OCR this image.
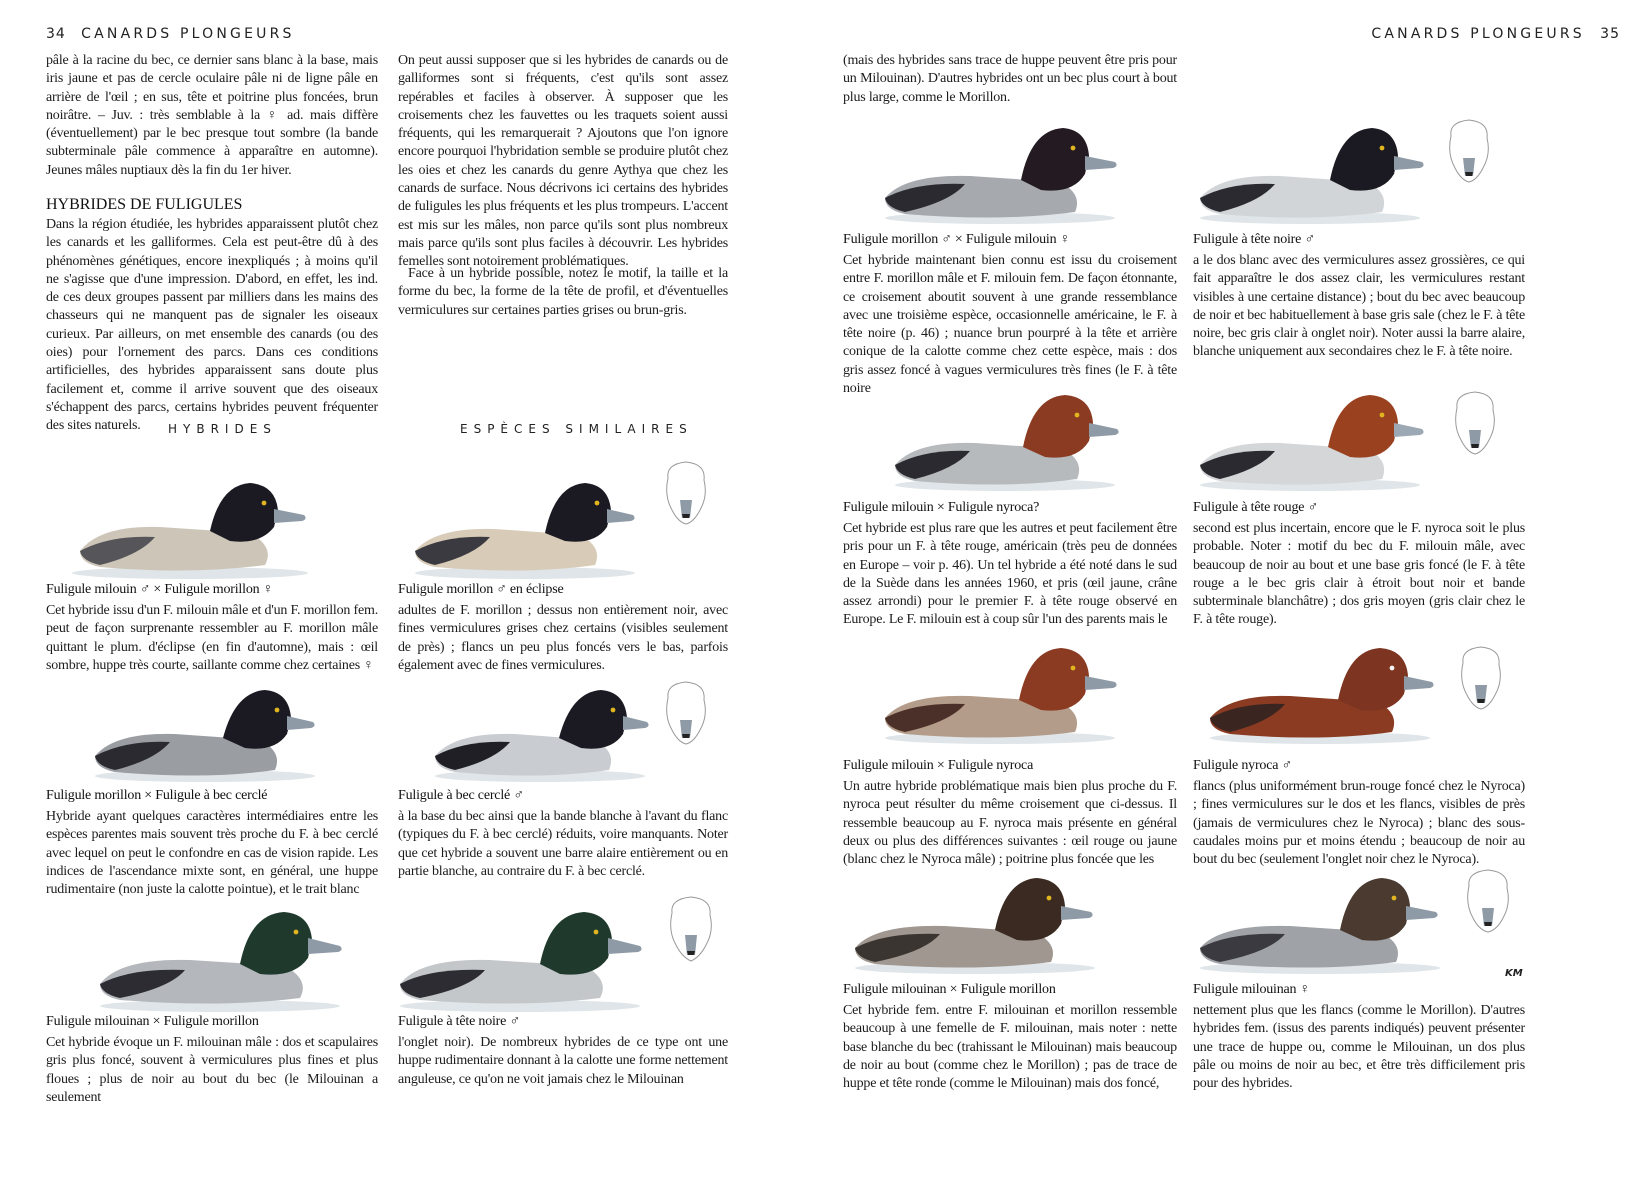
34 CANARDS PLONGEURS

pâle à la racine du bec, ce dernier sans blanc à la base, mais iris jaune et pas de cercle oculaire pâle ni de ligne pâle en arrière de l'œil ; en sus, tête et poitrine plus foncées, brun noirâtre. – Juv. : très semblable à la ♀ ad. mais diffère (éventuellement) par le bec presque tout sombre (la bande subterminale pâle commence à apparaître en automne). Jeunes mâles nuptiaux dès la fin du 1er hiver.

HYBRIDES DE FULIGULES

Dans la région étudiée, les hybrides apparaissent plutôt chez les canards et les galliformes. Cela est peut-être dû à des phénomènes génétiques, encore inexpliqués ; à moins qu'il ne s'agisse que d'une impression. D'abord, en effet, les ind. de ces deux groupes passent par milliers dans les mains des chasseurs qui ne manquent pas de signaler les oiseaux curieux. Par ailleurs, on met ensemble des canards (ou des oies) pour l'ornement des parcs. Dans ces conditions artificielles, des hybrides apparaissent sans doute plus facilement et, comme il arrive souvent que des oiseaux s'échappent des parcs, certains hybrides peuvent fréquenter des sites naturels.

On peut aussi supposer que si les hybrides de canards ou de galliformes sont si fréquents, c'est qu'ils sont assez repérables et faciles à observer. À supposer que les croisements chez les fauvettes ou les traquets soient aussi fréquents, qui les remarquerait ? Ajoutons que l'on ignore encore pourquoi l'hybridation semble se produire plutôt chez les oies et chez les canards du genre Aythya que chez les canards de surface. Nous décrivons ici certains des hybrides de fuligules les plus fréquents et les plus trompeurs. L'accent est mis sur les mâles, non parce qu'ils sont plus nombreux mais parce qu'ils sont plus faciles à découvrir. Les hybrides femelles sont notoirement problématiques.

Face à un hybride possible, notez le motif, la taille et la forme du bec, la forme de la tête de profil, et d'éventuelles vermiculures sur certaines parties grises ou brun-gris.

HYBRIDES	ESPÈCES SIMILAIRES
Fuligule milouin ♂ × Fuligule morillon ♀

Cet hybride issu d'un F. milouin mâle et d'un F. morillon fem. peut de façon surprenante ressembler au F. morillon mâle quittant le plum. d'éclipse (en fin d'automne), mais : œil sombre, huppe très courte, saillante comme chez certaines ♀

Fuligule morillon ♂ en éclipse

adultes de F. morillon ; dessus non entièrement noir, avec fines vermiculures grises chez certains (visibles seulement de près) ; flancs un peu plus foncés vers le bas, parfois également avec de fines vermiculures.

Fuligule morillon × Fuligule à bec cerclé

Hybride ayant quelques caractères intermédiaires entre les espèces parentes mais souvent très proche du F. à bec cerclé avec lequel on peut le confondre en cas de vision rapide. Les indices de l'ascendance mixte sont, en général, une huppe rudimentaire (non juste la calotte pointue), et le trait blanc

Fuligule à bec cerclé ♂

à la base du bec ainsi que la bande blanche à l'avant du flanc (typiques du F. à bec cerclé) réduits, voire manquants. Noter que cet hybride a souvent une barre alaire entièrement ou en partie blanche, au contraire du F. à bec cerclé.

Fuligule milouinan × Fuligule morillon

Cet hybride évoque un F. milouinan mâle : dos et scapulaires gris plus foncé, souvent à vermiculures plus fines et plus floues ; plus de noir au bout du bec (le Milouinan a seulement

Fuligule à tête noire ♂

l'onglet noir). De nombreux hybrides de ce type ont une huppe rudimentaire donnant à la calotte une forme nettement anguleuse, ce qu'on ne voit jamais chez le Milouinan

CANARDS PLONGEURS 35

(mais des hybrides sans trace de huppe peuvent être pris pour un Milouinan). D'autres hybrides ont un bec plus court à bout plus large, comme le Morillon.

Fuligule morillon ♂ × Fuligule milouin ♀

Cet hybride maintenant bien connu est issu du croisement entre F. morillon mâle et F. milouin fem. De façon étonnante, ce croisement aboutit souvent à une grande ressemblance avec une troisième espèce, occasionnelle américaine, le F. à tête noire (p. 46) ; nuance brun pourpré à la tête et arrière conique de la calotte comme chez cette espèce, mais : dos gris assez foncé à vagues vermiculures très fines (le F. à tête noire

Fuligule à tête noire ♂

a le dos blanc avec des vermiculures assez grossières, ce qui fait apparaître le dos assez clair, les vermiculures restant visibles à une certaine distance) ; bout du bec avec beaucoup de noir et bec habituellement à base gris sale (chez le F. à tête noire, bec gris clair à onglet noir). Noter aussi la barre alaire, blanche uniquement aux secondaires chez le F. à tête noire.

Fuligule milouin × Fuligule nyroca?

Cet hybride est plus rare que les autres et peut facilement être pris pour un F. à tête rouge, américain (très peu de données en Europe – voir p. 46). Un tel hybride a été noté dans le sud de la Suède dans les années 1960, et pris (œil jaune, crâne assez arrondi) pour le premier F. à tête rouge observé en Europe. Le F. milouin est à coup sûr l'un des parents mais le

Fuligule à tête rouge ♂

second est plus incertain, encore que le F. nyroca soit le plus probable. Noter : motif du bec du F. milouin mâle, avec beaucoup de noir au bout et une base gris foncé (le F. à tête rouge a le bec gris clair à étroit bout noir et bande subterminale blanchâtre) ; dos gris moyen (gris clair chez le F. à tête rouge).

Fuligule milouin × Fuligule nyroca

Un autre hybride problématique mais bien plus proche du F. nyroca peut résulter du même croisement que ci-dessus. Il ressemble beaucoup au F. nyroca mais présente en général deux ou plus des différences suivantes : œil rouge ou jaune (blanc chez le Nyroca mâle) ; poitrine plus foncée que les

Fuligule nyroca ♂

flancs (plus uniformément brun-rouge foncé chez le Nyroca) ; fines vermiculures sur le dos et les flancs, visibles de près (jamais de vermiculures chez le Nyroca) ; blanc des sous-caudales moins pur et moins étendu ; beaucoup de noir au bout du bec (seulement l'onglet noir chez le Nyroca).

KM
Fuligule milouinan × Fuligule morillon

Cet hybride fem. entre F. milouinan et morillon ressemble beaucoup à une femelle de F. milouinan, mais noter : nette base blanche du bec (trahissant le Milouinan) mais beaucoup de noir au bout (comme chez le Morillon) ; pas de trace de huppe et tête ronde (comme le Milouinan) mais dos foncé,

Fuligule milouinan ♀

nettement plus que les flancs (comme le Morillon). D'autres hybrides fem. (issus des parents indiqués) peuvent présenter une trace de huppe ou, comme le Milouinan, un dos plus pâle ou moins de noir au bec, et être très difficilement pris pour des hybrides.
